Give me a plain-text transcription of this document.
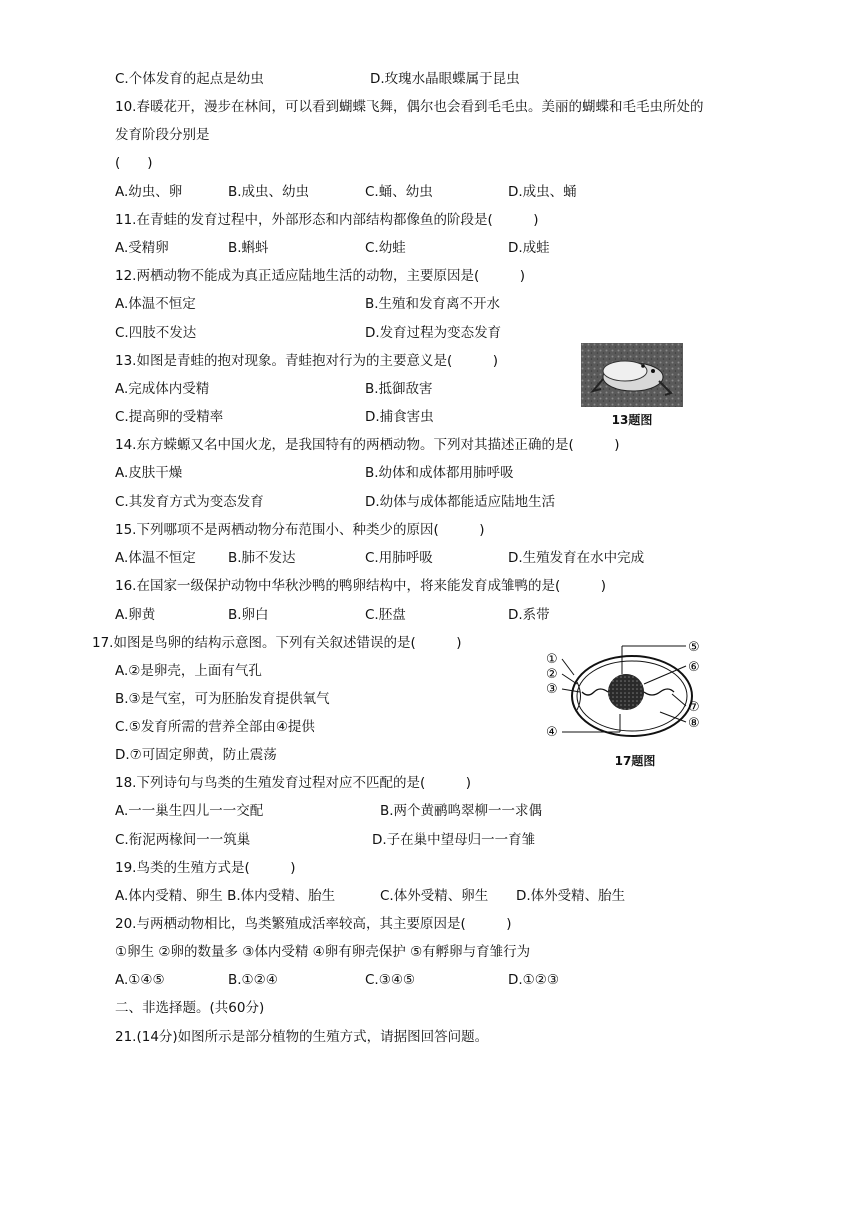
C.个体发育的起点是幼虫	D.玫瑰水晶眼蝶属于昆虫
10.春暖花开，漫步在林间，可以看到蝴蝶飞舞，偶尔也会看到毛毛虫。美丽的蝴蝶和毛毛虫所处的
发育阶段分别是
(　　)
A.幼虫、卵	B.成虫、幼虫	C.蛹、幼虫	D.成虫、蛹
11.在青蛙的发育过程中，外部形态和内部结构都像鱼的阶段是(　　　)
A.受精卵	B.蝌蚪	C.幼蛙	D.成蛙
12.两栖动物不能成为真正适应陆地生活的动物，主要原因是(　　　)
A.体温不恒定	B.生殖和发育离不开水
C.四肢不发达	D.发育过程为变态发育
13.如图是青蛙的抱对现象。青蛙抱对行为的主要意义是(　　　)
A.完成体内受精	B.抵御敌害
C.提高卵的受精率	D.捕食害虫	13题图
14.东方蝾螈又名中国火龙，是我国特有的两栖动物。下列对其描述正确的是(　　　)
A.皮肤干燥	B.幼体和成体都用肺呼吸
C.其发育方式为变态发育	D.幼体与成体都能适应陆地生活
15.下列哪项不是两栖动物分布范围小、种类少的原因(　　　)
A.体温不恒定 B.肺不发达	C.用肺呼吸	D.生殖发育在水中完成
16.在国家一级保护动物中华秋沙鸭的鸭卵结构中，将来能发育成雏鸭的是(　　　)
A.卵黄	B.卵白	C.胚盘	D.系带
17.如图是鸟卵的结构示意图。下列有关叙述错误的是(　　　)
A.②是卵壳，上面有气孔
B.③是气室，可为胚胎发育提供氧气
C.⑤发育所需的营养全部由④提供
D.⑦可固定卵黄，防止震荡
①
②
③
④
⑤
⑥
⑦
⑧
17题图
18.下列诗句与鸟类的生殖发育过程对应不匹配的是(　　　)
A.一一巢生四儿一一交配	B.两个黄鹂鸣翠柳一一求偶
C.衔泥两椽间一一筑巢	D.子在巢中望母归一一育雏
19.鸟类的生殖方式是(　　　)
A.体内受精、卵生 B.体内受精、胎生	C.体外受精、卵生 D.体外受精、胎生
20.与两栖动物相比，鸟类繁殖成活率较高，其主要原因是(　　　)
①卵生 ②卵的数量多 ③体内受精 ④卵有卵壳保护 ⑤有孵卵与育雏行为
A.①④⑤	B.①②④	C.③④⑤	D.①②③
二、非选择题。(共60分)
21.(14分)如图所示是部分植物的生殖方式，请据图回答问题。
